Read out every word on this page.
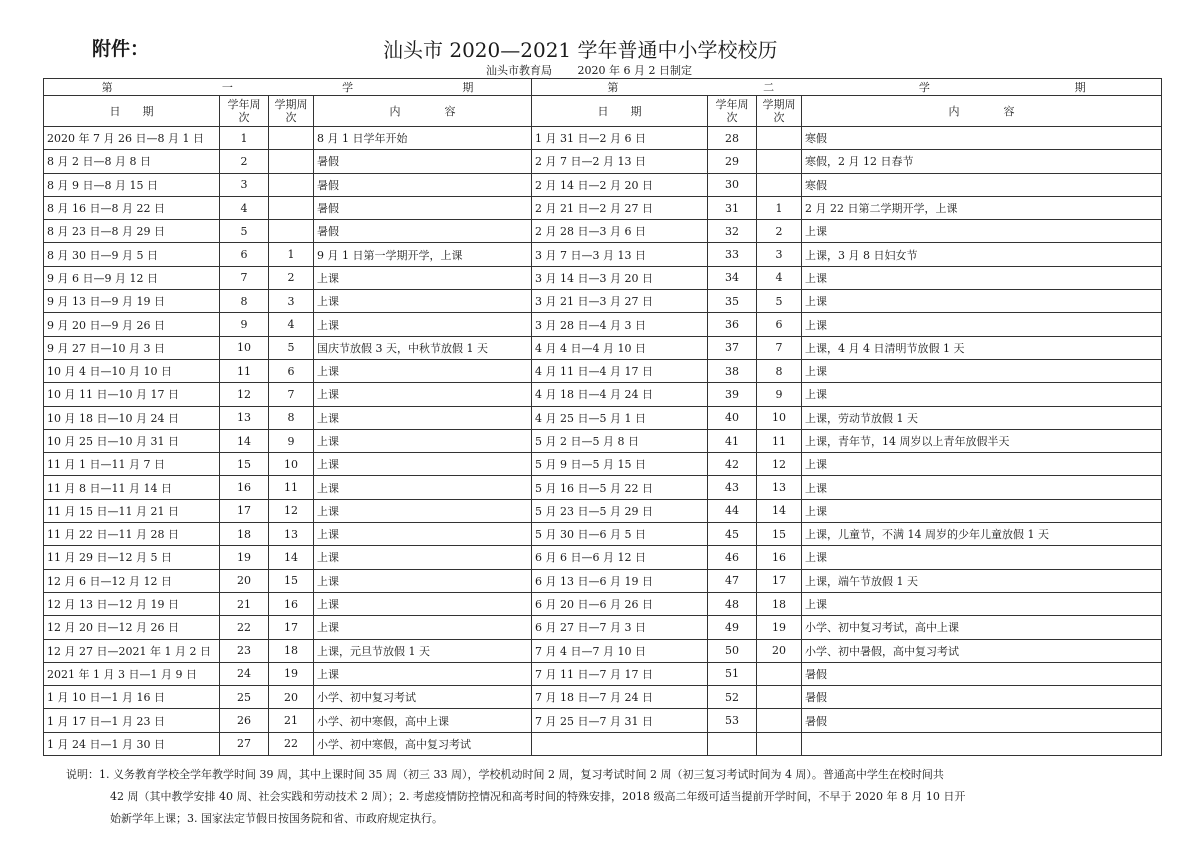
附件：	汕头市 2020—2021 学年普通中小学校校历
汕头市教育局 2020 年 6 月 2 日制定
第 一 学 期				第 二 学 期			

日　　期	学年周次	学期周次	内　　　　容	日　　期	学年周次	学期周次	内　　　　容
2020 年 7 月 26 日—8 月 1 日	1		8 月 1 日学年开始	1 月 31 日—2 月 6 日	28		寒假
8 月 2 日—8 月 8 日	2		暑假	2 月 7 日—2 月 13 日	29		寒假，2 月 12 日春节
8 月 9 日—8 月 15 日	3		暑假	2 月 14 日—2 月 20 日	30		寒假
8 月 16 日—8 月 22 日	4		暑假	2 月 21 日—2 月 27 日	31	1	2 月 22 日第二学期开学，上课
8 月 23 日—8 月 29 日	5		暑假	2 月 28 日—3 月 6 日	32	2	上课
8 月 30 日—9 月 5 日	6	1	9 月 1 日第一学期开学，上课	3 月 7 日—3 月 13 日	33	3	上课，3 月 8 日妇女节
9 月 6 日—9 月 12 日	7	2	上课	3 月 14 日—3 月 20 日	34	4	上课
9 月 13 日—9 月 19 日	8	3	上课	3 月 21 日—3 月 27 日	35	5	上课
9 月 20 日—9 月 26 日	9	4	上课	3 月 28 日—4 月 3 日	36	6	上课
9 月 27 日—10 月 3 日	10	5	国庆节放假 3 天，中秋节放假 1 天	4 月 4 日—4 月 10 日	37	7	上课，4 月 4 日清明节放假 1 天
10 月 4 日—10 月 10 日	11	6	上课	4 月 11 日—4 月 17 日	38	8	上课
10 月 11 日—10 月 17 日	12	7	上课	4 月 18 日—4 月 24 日	39	9	上课
10 月 18 日—10 月 24 日	13	8	上课	4 月 25 日—5 月 1 日	40	10	上课，劳动节放假 1 天
10 月 25 日—10 月 31 日	14	9	上课	5 月 2 日—5 月 8 日	41	11	上课，青年节，14 周岁以上青年放假半天
11 月 1 日—11 月 7 日	15	10	上课	5 月 9 日—5 月 15 日	42	12	上课
11 月 8 日—11 月 14 日	16	11	上课	5 月 16 日—5 月 22 日	43	13	上课
11 月 15 日—11 月 21 日	17	12	上课	5 月 23 日—5 月 29 日	44	14	上课
11 月 22 日—11 月 28 日	18	13	上课	5 月 30 日—6 月 5 日	45	15	上课，儿童节，不满 14 周岁的少年儿童放假 1 天
11 月 29 日—12 月 5 日	19	14	上课	6 月 6 日—6 月 12 日	46	16	上课
12 月 6 日—12 月 12 日	20	15	上课	6 月 13 日—6 月 19 日	47	17	上课，端午节放假 1 天
12 月 13 日—12 月 19 日	21	16	上课	6 月 20 日—6 月 26 日	48	18	上课
12 月 20 日—12 月 26 日	22	17	上课	6 月 27 日—7 月 3 日	49	19	小学、初中复习考试，高中上课
12 月 27 日—2021 年 1 月 2 日	23	18	上课，元旦节放假 1 天	7 月 4 日—7 月 10 日	50	20	小学、初中暑假，高中复习考试
2021 年 1 月 3 日—1 月 9 日	24	19	上课	7 月 11 日—7 月 17 日	51		暑假
1 月 10 日—1 月 16 日	25	20	小学、初中复习考试	7 月 18 日—7 月 24 日	52		暑假
1 月 17 日—1 月 23 日	26	21	小学、初中寒假，高中上课	7 月 25 日—7 月 31 日	53		暑假
1 月 24 日—1 月 30 日	27	22	小学、初中寒假，高中复习考试				
说明：1. 义务教育学校全学年教学时间 39 周，其中上课时间 35 周（初三 33 周），学校机动时间 2 周，复习考试时间 2 周（初三复习考试时间为 4 周）。普通高中学生在校时间共
42 周（其中教学安排 40 周、社会实践和劳动技术 2 周）；2. 考虑疫情防控情况和高考时间的特殊安排，2018 级高二年级可适当提前开学时间，不早于 2020 年 8 月 10 日开
始新学年上课；3. 国家法定节假日按国务院和省、市政府规定执行。
